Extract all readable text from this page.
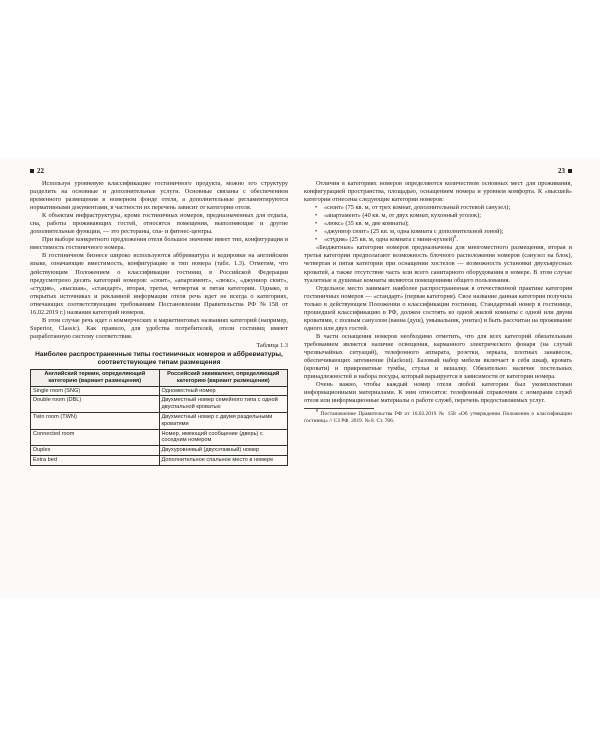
22

Используя уровневую классификацию гостиничного продукта, можно его структуру разделить на основные и дополнительные услуги. Основные связаны с обеспечением временного размещения в номерном фонде отеля, а дополнительные регламентируются нормативными документами, в частности их перечень зависит от категории отеля.

К объектам инфраструктуры, кроме гостиничных номеров, предназначенных для отдыха, сна, работы проживающих гостей, относятся помещения, выполняющие и другие дополнительные функции, — это рестораны, спа- и фитнес-центры.

При выборе конкретного предложения отеля большое значение имеет тип, конфигурация и вместимость гостиничного номера.

В гостиничном бизнесе широко используются аббревиатура и кодировки на английском языке, означающие вместимость, конфигурацию и тип номера (табл. 1.3). Отметим, что действующим Положением о классификации гостиниц в Российской Федерации предусмотрено десять категорий номеров: «сюит», «апартамент», «люкс», «джуниор сюит», «студия», «высшая», «стандарт», вторая, третья, четвертая и пятая категории. Однако, в открытых источниках и рекламной информации отеля речь идет не всегда о категориях, отвечающих соответствующим требованиям Постановления Правительства РФ №158 от 16.02.2019 г.) названия категорий номеров.

В этом случае речь идет о коммерческих и маркетинговых названиях категорий (например, Superior, Classic). Как правило, для удобства потребителей, отели гостиниц имеют разработанную систему соответствия.

Таблица 1.3
Наиболее распространенные типы гостиничных номеров и аббревиатуры, соответствующие типам размещения
Английский термин, определяющий категорию (вариант размещения)	Российский эквивалент, определяющий категорию (вариант размещения)
Single room (SNG)	Одноместный номер
Double room (DBL)	Двухместный номер семейного типа с одной двуспальной кроватью
Twin room (TWN)	Двухместный номер с двумя раздельными кроватями
Connected room	Номер, имеющий сообщение (дверь) с соседним номером
Duplex	Двухуровневый (двухэтажный) номер
Extra bed	Дополнительное спальное место в номере
23

Отличия в категориях номеров определяются количеством основных мест для проживания, конфигурацией пространства, площадью, оснащением номера и уровнем комфорта. К «высшей» категории отнесены следующие категории номеров:

• «сюит» (75 кв. м, от трех комнат, дополнительный гостевой санузел);
• «апартамент» (40 кв. м, от двух комнат, кухонный уголок);
• «люкс» (35 кв. м, две комнаты);
• «джуниор сюит» (25 кв. м, одна комната с дополнительной зоной);
• «студия» (25 кв. м, одна комната с мини-кухней)$^8$.

«Бюджетные» категории номеров предназначены для многоместного размещения, вторая и третья категории предполагают возможность блочного расположения номеров (санузел на блок), четвертая и пятая категории при оснащении хостелов — возможность установки двухъярусных кроватей, а также отсутствие часть или всего санитарного оборудования в номере. В этом случае туалетные и душевые комнаты являются помещениями общего пользования.

Отдельное место занимает наиболее распространенная в отечественной практике категория гостиничных номеров — «стандарт» (первая категория). Свое название данная категория получила только в действующем Положении о классификации гостиниц. Стандартный номер в гостинице, прошедшей классификацию в РФ, должен состоять из одной жилой комнаты с одной или двумя кроватями, с полным санузлом (ванна (душ), умывальник, унитаз) и быть рассчитан на проживание одного или двух гостей.

В части оснащения номеров необходимо отметить, что для всех категорий обязательным требованием является наличие освещения, карманного электрического фонаря (на случай чрезвычайных ситуаций), телефонного аппарата, розетки, зеркала, плотных занавесок, обеспечивающих затемнение (blackout). Базовый набор мебели включает в себя шкаф, кровать (кровати) и прикроватные тумбы, стулья и вешалку. Обязательно наличие постельных принадлежностей и набора посуды, который варьируется в зависимости от категории номера.

Очень важно, чтобы каждый номер отеля любой категории был укомплектован информационными материалами. К ним относятся: телефонный справочник с номерами служб отеля или информационные материалы о работе служб, перечень предоставляемых услуг.

$^8$ Постановление Правительства РФ от 16.02.2019 № 158 «Об утверждении Положения о классификации гостиниц» // СЗ РФ. 2019. № 8. Ст. 786.
